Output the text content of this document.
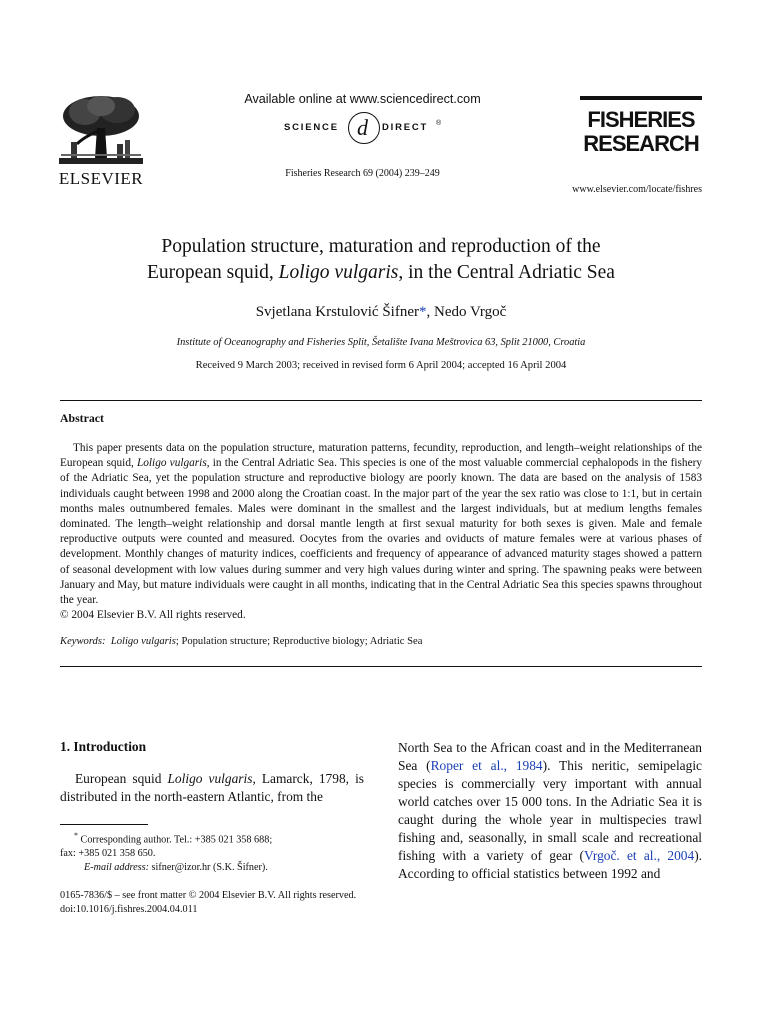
ELSEVIER
Available online at www.sciencedirect.com
SCIENCE d DIRECT ®
Fisheries Research 69 (2004) 239–249
FISHERIES
RESEARCH
www.elsevier.com/locate/fishres
Population structure, maturation and reproduction of the
European squid, Loligo vulgaris, in the Central Adriatic Sea
Svjetlana Krstulović Šifner*, Nedo Vrgoč
Institute of Oceanography and Fisheries Split, Šetalište Ivana Meštrovica 63, Split 21000, Croatia
Received 9 March 2003; received in revised form 6 April 2004; accepted 16 April 2004
Abstract

This paper presents data on the population structure, maturation patterns, fecundity, reproduction, and length–weight relationships of the European squid, Loligo vulgaris, in the Central Adriatic Sea. This species is one of the most valuable commercial cephalopods in the fishery of the Adriatic Sea, yet the population structure and reproductive biology are poorly known. The data are based on the analysis of 1583 individuals caught between 1998 and 2000 along the Croatian coast. In the major part of the year the sex ratio was close to 1:1, but in certain months males outnumbered females. Males were dominant in the smallest and the largest individuals, but at medium lengths females dominated. The length–weight relationship and dorsal mantle length at first sexual maturity for both sexes is given. Male and female reproductive outputs were counted and measured. Oocytes from the ovaries and oviducts of mature females were at various phases of development. Monthly changes of maturity indices, coefficients and frequency of appearance of advanced maturity stages showed a pattern of seasonal development with low values during summer and very high values during winter and spring. The spawning peaks were between January and May, but mature individuals were caught in all months, indicating that in the Central Adriatic Sea this species spawns throughout the year.

© 2004 Elsevier B.V. All rights reserved.

Keywords: Loligo vulgaris; Population structure; Reproductive biology; Adriatic Sea
1. Introduction

European squid Loligo vulgaris, Lamarck, 1798, is distributed in the north-eastern Atlantic, from the

North Sea to the African coast and in the Mediterranean Sea (Roper et al., 1984). This neritic, semipelagic species is commercially very important with annual world catches over 15 000 tons. In the Adriatic Sea it is caught during the whole year in multispecies trawl fishing and, seasonally, in small scale and recreational fishing with a variety of gear (Vrgoč. et al., 2004). According to official statistics between 1992 and

* Corresponding author. Tel.: +385 021 358 688;
fax: +385 021 358 650.
E-mail address: sifner@izor.hr (S.K. Šifner).
0165-7836/$ – see front matter © 2004 Elsevier B.V. All rights reserved.
doi:10.1016/j.fishres.2004.04.011
